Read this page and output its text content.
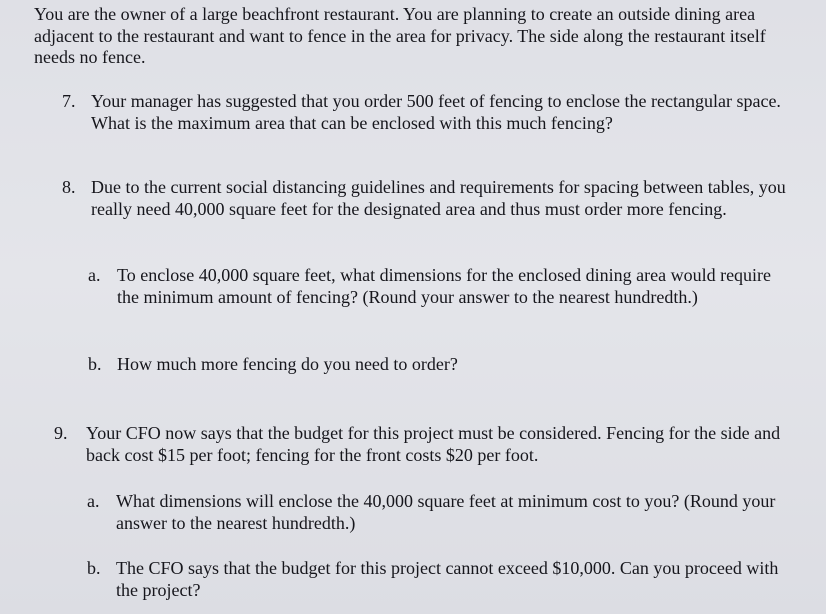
You are the owner of a large beachfront restaurant. You are planning to create an outside dining area adjacent to the restaurant and want to fence in the area for privacy. The side along the restaurant itself needs no fence.
7. Your manager has suggested that you order 500 feet of fencing to enclose the rectangular space. What is the maximum area that can be enclosed with this much fencing?
8. Due to the current social distancing guidelines and requirements for spacing between tables, you really need 40,000 square feet for the designated area and thus must order more fencing.
a. To enclose 40,000 square feet, what dimensions for the enclosed dining area would require the minimum amount of fencing? (Round your answer to the nearest hundredth.)
b. How much more fencing do you need to order?
9. Your CFO now says that the budget for this project must be considered. Fencing for the side and back cost $15 per foot; fencing for the front costs $20 per foot.
a. What dimensions will enclose the 40,000 square feet at minimum cost to you? (Round your answer to the nearest hundredth.)
b. The CFO says that the budget for this project cannot exceed $10,000. Can you proceed with the project?
